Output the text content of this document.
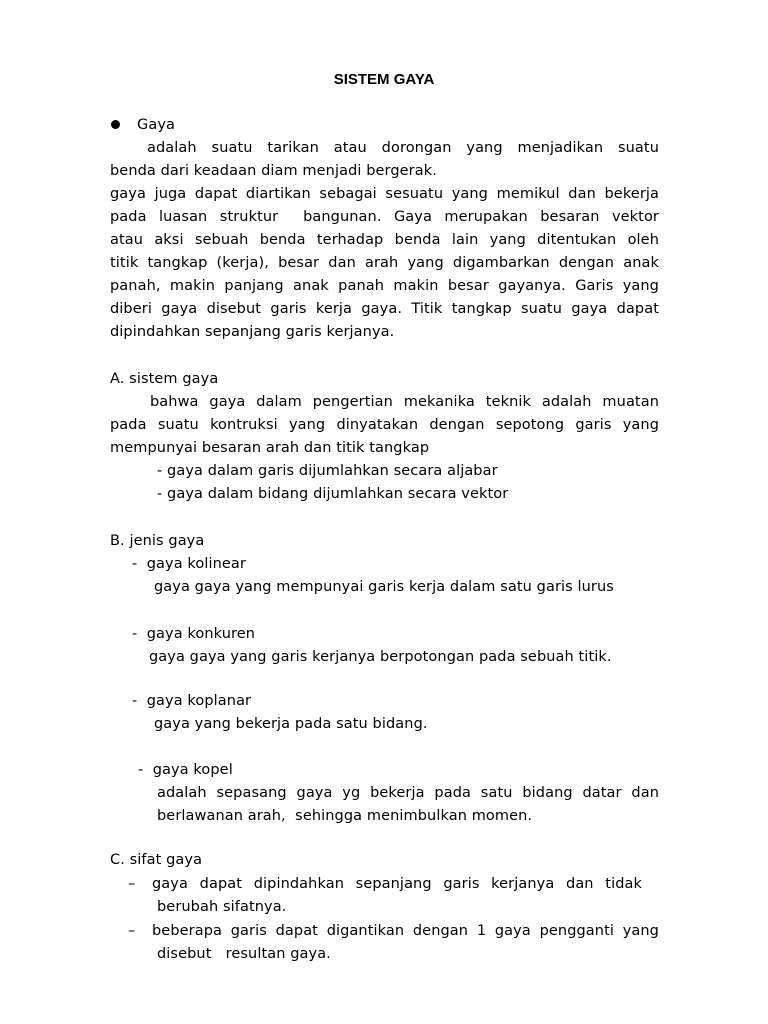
SISTEM GAYA
Gaya
adalah suatu tarikan atau dorongan yang menjadikan suatu
benda dari keadaan diam menjadi bergerak.
gaya juga dapat diartikan sebagai sesuatu yang memikul dan bekerja
pada luasan struktur  bangunan. Gaya merupakan besaran vektor
atau aksi sebuah benda terhadap benda lain yang ditentukan oleh
titik tangkap (kerja), besar dan arah yang digambarkan dengan anak
panah, makin panjang anak panah makin besar gayanya. Garis yang
diberi gaya disebut garis kerja gaya. Titik tangkap suatu gaya dapat
dipindahkan sepanjang garis kerjanya.
A. sistem gaya
bahwa gaya dalam pengertian mekanika teknik adalah muatan
pada suatu kontruksi yang dinyatakan dengan sepotong garis yang
mempunyai besaran arah dan titik tangkap
- gaya dalam garis dijumlahkan secara aljabar
- gaya dalam bidang dijumlahkan secara vektor
B. jenis gaya
-  gaya kolinear
gaya gaya yang mempunyai garis kerja dalam satu garis lurus
-  gaya konkuren
gaya gaya yang garis kerjanya berpotongan pada sebuah titik.
-  gaya koplanar
gaya yang bekerja pada satu bidang.
-  gaya kopel
adalah sepasang gaya yg bekerja pada satu bidang datar dan
berlawanan arah,  sehingga menimbulkan momen.
C. sifat gaya
– gaya dapat dipindahkan sepanjang garis kerjanya dan tidak
berubah sifatnya.
– beberapa garis dapat digantikan dengan 1 gaya pengganti yang
disebut   resultan gaya.
